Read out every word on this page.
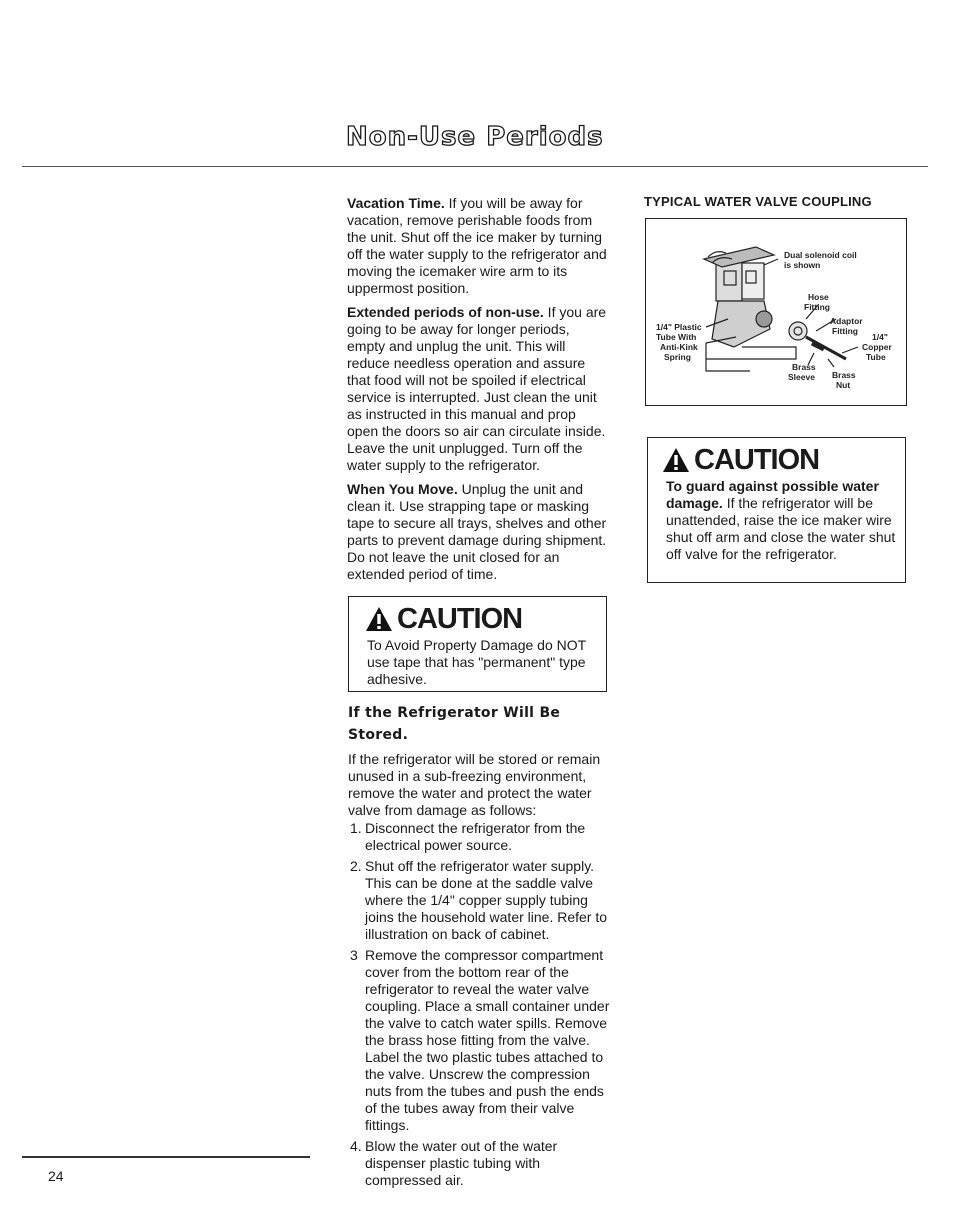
Non-Use Periods

Vacation Time. If you will be away for vacation, remove perishable foods from the unit. Shut off the ice maker by turning off the water supply to the refrigerator and moving the icemaker wire arm to its uppermost position.

Extended periods of non-use. If you are going to be away for longer periods, empty and unplug the unit. This will reduce needless operation and assure that food will not be spoiled if electrical service is interrupted. Just clean the unit as instructed in this manual and prop open the doors so air can circulate inside. Leave the unit unplugged. Turn off the water supply to the refrigerator.

When You Move. Unplug the unit and clean it. Use strapping tape or masking tape to secure all trays, shelves and other parts to prevent damage during shipment. Do not leave the unit closed for an extended period of time.

CAUTION
To Avoid Property Damage do NOT use tape that has "permanent" type adhesive.
If the Refrigerator Will Be Stored.

If the refrigerator will be stored or remain unused in a sub-freezing environment, remove the water and protect the water valve from damage as follows:

1. Disconnect the refrigerator from the electrical power source.
2. Shut off the refrigerator water supply. This can be done at the saddle valve where the 1/4" copper supply tubing joins the household water line. Refer to illustration on back of cabinet.
3 Remove the compressor compartment cover from the bottom rear of the refrigerator to reveal the water valve coupling. Place a small container under the valve to catch water spills. Remove the brass hose fitting from the valve. Label the two plastic tubes attached to the valve. Unscrew the compression nuts from the tubes and push the ends of the tubes away from their valve fittings.
4. Blow the water out of the water dispenser plastic tubing with compressed air.
TYPICAL WATER VALVE COUPLING
Dual solenoid coil
is shown
Hose
Fitting
Adaptor
Fitting
1/4" Plastic
Tube With
Anti-Kink
Spring
1/4"
Copper
Tube
Brass
Sleeve Brass
Nut
CAUTION
To guard against possible water damage. If the refrigerator will be unattended, raise the ice maker wire shut off arm and close the water shut off valve for the refrigerator.
24
